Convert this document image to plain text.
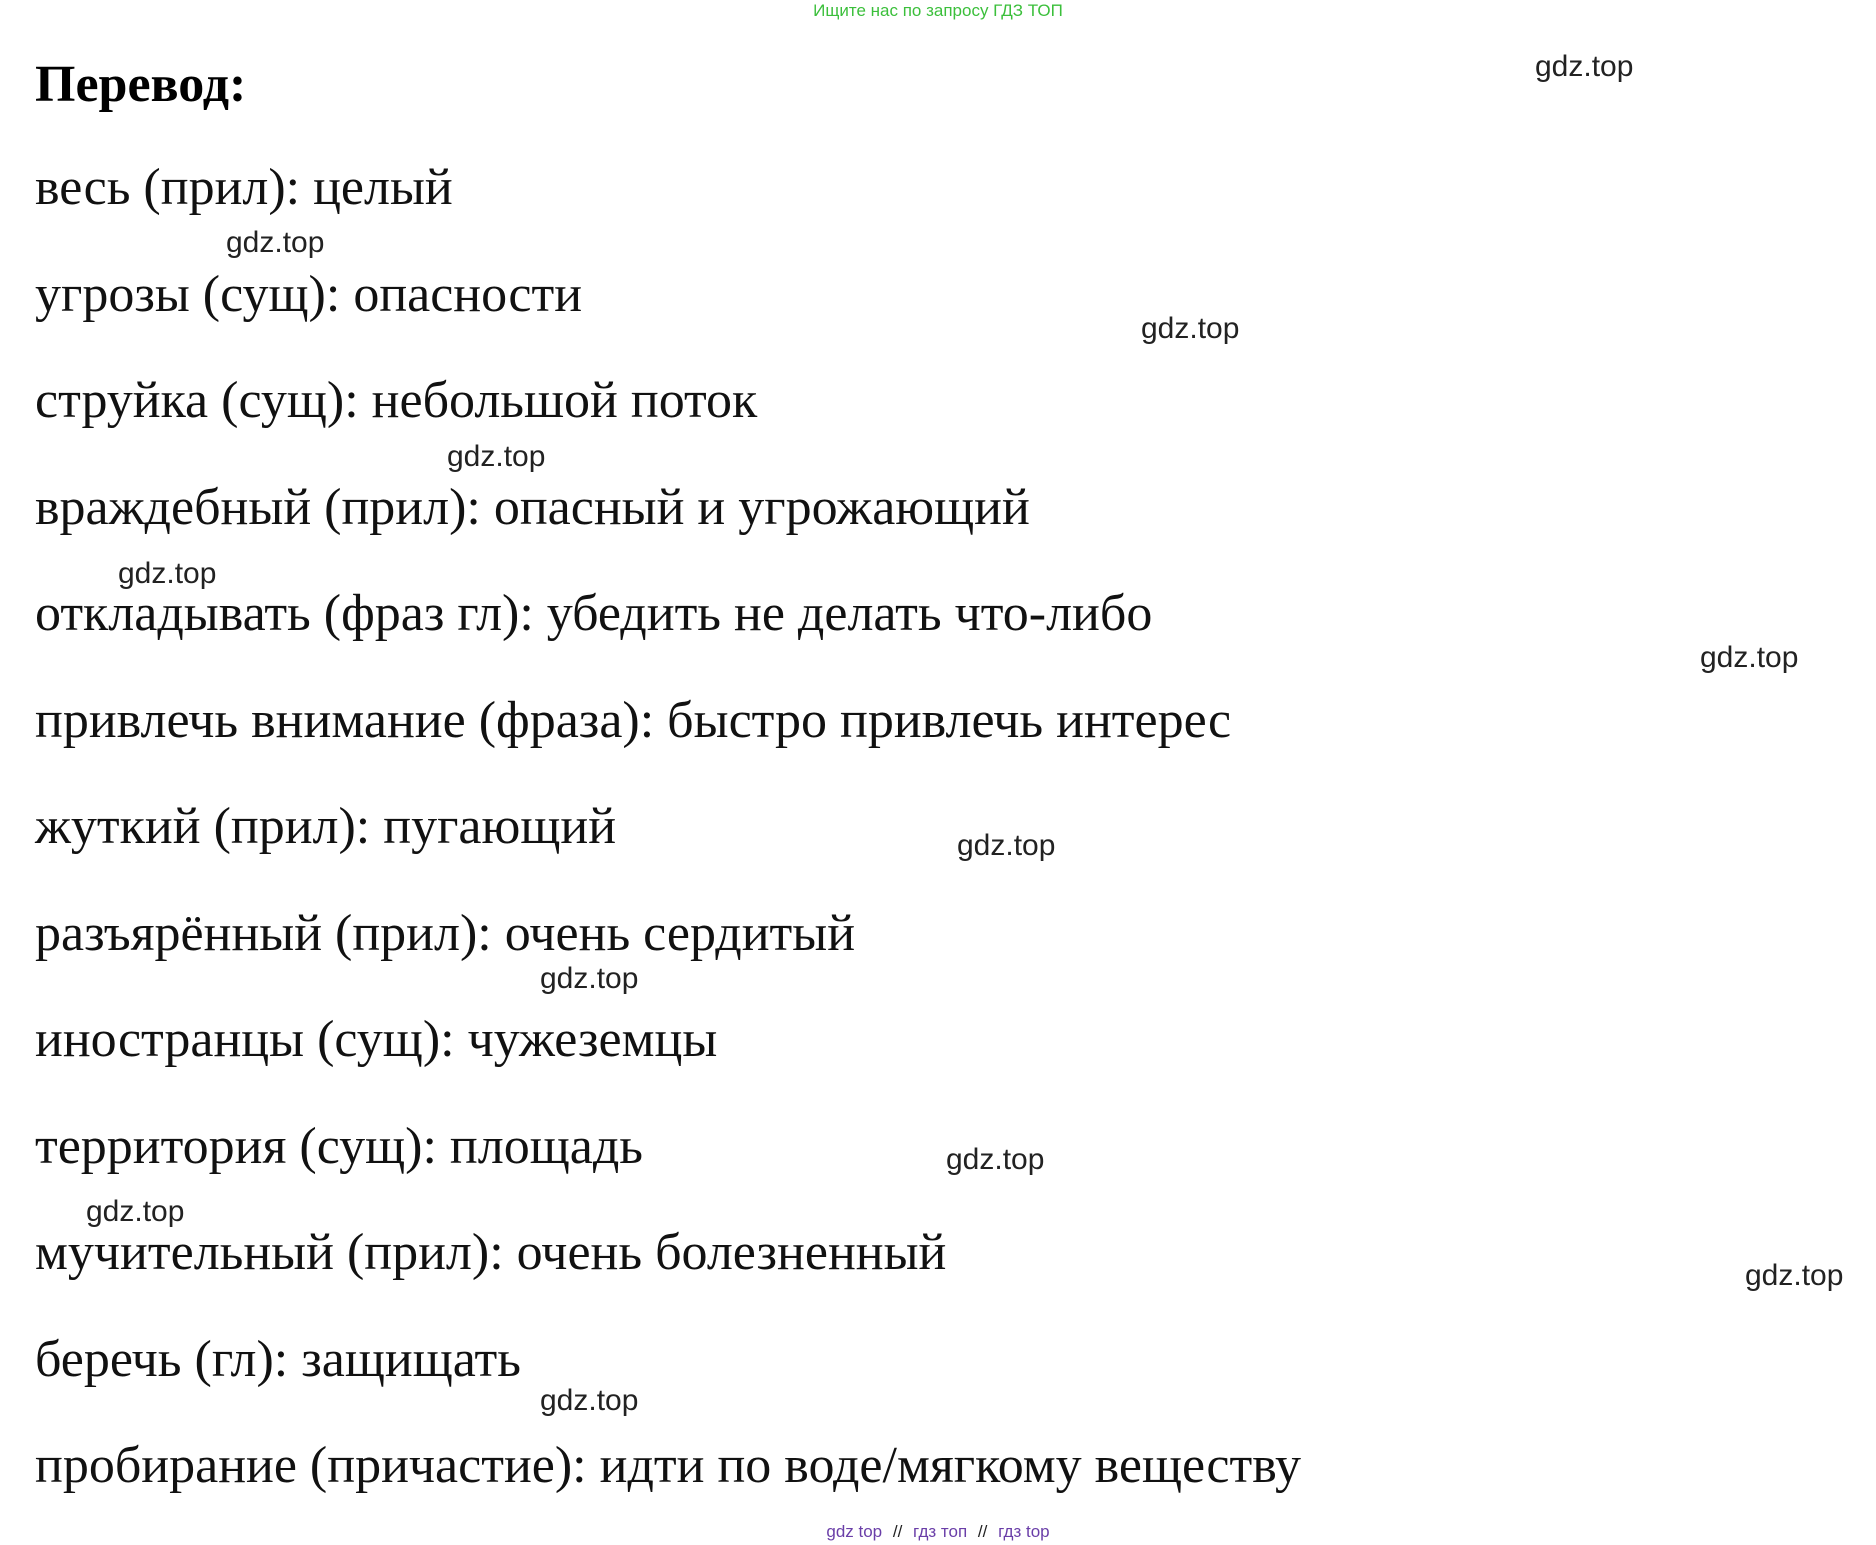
Ищите нас по запросу ГДЗ ТОП
Перевод:
весь (прил): целый
угрозы (сущ): опасности
струйка (сущ): небольшой поток
враждебный (прил): опасный и угрожающий
откладывать (фраз гл): убедить не делать что-либо
привлечь внимание (фраза): быстро привлечь интерес
жуткий (прил): пугающий
разъярённый (прил): очень сердитый
иностранцы (сущ): чужеземцы
территория (сущ): площадь
мучительный (прил): очень болезненный
беречь (гл): защищать
пробирание (причастие): идти по воде/мягкому веществу
gdz.top
gdz.top
gdz.top
gdz.top
gdz.top
gdz.top
gdz.top
gdz.top
gdz.top
gdz.top
gdz.top
gdz.top
gdz top // гдз топ // гдз top
